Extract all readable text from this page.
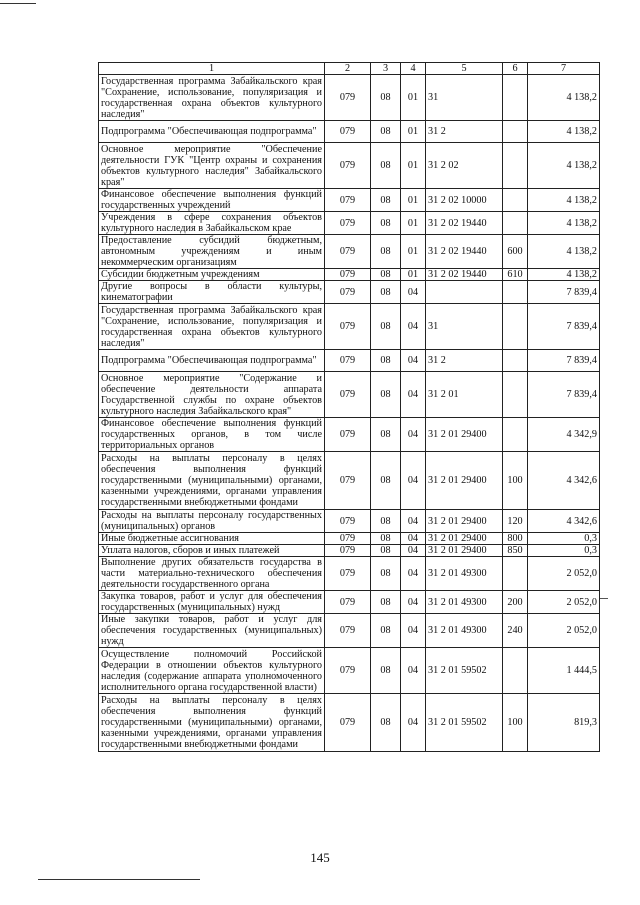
1	2	3	4	5	6	7
Государственная программа Забайкальского края "Сохранение, использование, популяризация и государственная охрана объектов культурного наследия"	079	08	01	31		4 138,2
Подпрограмма "Обеспечивающая подпрограмма"	079	08	01	31 2		4 138,2
Основное мероприятие "Обеспечение деятельности ГУК "Центр охраны и сохранения объектов культурного наследия" Забайкальского края"	079	08	01	31 2 02		4 138,2
Финансовое обеспечение выполнения функций государственных учреждений	079	08	01	31 2 02 10000		4 138,2
Учреждения в сфере сохранения объектов культурного наследия в Забайкальском крае	079	08	01	31 2 02 19440		4 138,2
Предоставление субсидий бюджетным, автономным учреждениям и иным некоммерческим организациям	079	08	01	31 2 02 19440	600	4 138,2
Субсидии бюджетным учреждениям	079	08	01	31 2 02 19440	610	4 138,2
Другие вопросы в области культуры, кинематографии	079	08	04			7 839,4
Государственная программа Забайкальского края "Сохранение, использование, популяризация и государственная охрана объектов культурного наследия"	079	08	04	31		7 839,4
Подпрограмма "Обеспечивающая подпрограмма"	079	08	04	31 2		7 839,4
Основное мероприятие "Содержание и обеспечение деятельности аппарата Государственной службы по охране объектов культурного наследия Забайкальского края"	079	08	04	31 2 01		7 839,4
Финансовое обеспечение выполнения функций государственных органов, в том числе территориальных органов	079	08	04	31 2 01 29400		4 342,9
Расходы на выплаты персоналу в целях обеспечения выполнения функций государственными (муниципальными) органами, казенными учреждениями, органами управления государственными внебюджетными фондами	079	08	04	31 2 01 29400	100	4 342,6
Расходы на выплаты персоналу государственных (муниципальных) органов	079	08	04	31 2 01 29400	120	4 342,6
Иные бюджетные ассигнования	079	08	04	31 2 01 29400	800	0,3
Уплата налогов, сборов и иных платежей	079	08	04	31 2 01 29400	850	0,3
Выполнение других обязательств государства в части материально-технического обеспечения деятельности государственного органа	079	08	04	31 2 01 49300		2 052,0
Закупка товаров, работ и услуг для обеспечения государственных (муниципальных) нужд	079	08	04	31 2 01 49300	200	2 052,0
Иные закупки товаров, работ и услуг для обеспечения государственных (муниципальных) нужд	079	08	04	31 2 01 49300	240	2 052,0
Осуществление полномочий Российской Федерации в отношении объектов культурного наследия (содержание аппарата уполномоченного исполнительного органа государственной власти)	079	08	04	31 2 01 59502		1 444,5
Расходы на выплаты персоналу в целях обеспечения выполнения функций государственными (муниципальными) органами, казенными учреждениями, органами управления государственными внебюджетными фондами	079	08	04	31 2 01 59502	100	819,3
145
